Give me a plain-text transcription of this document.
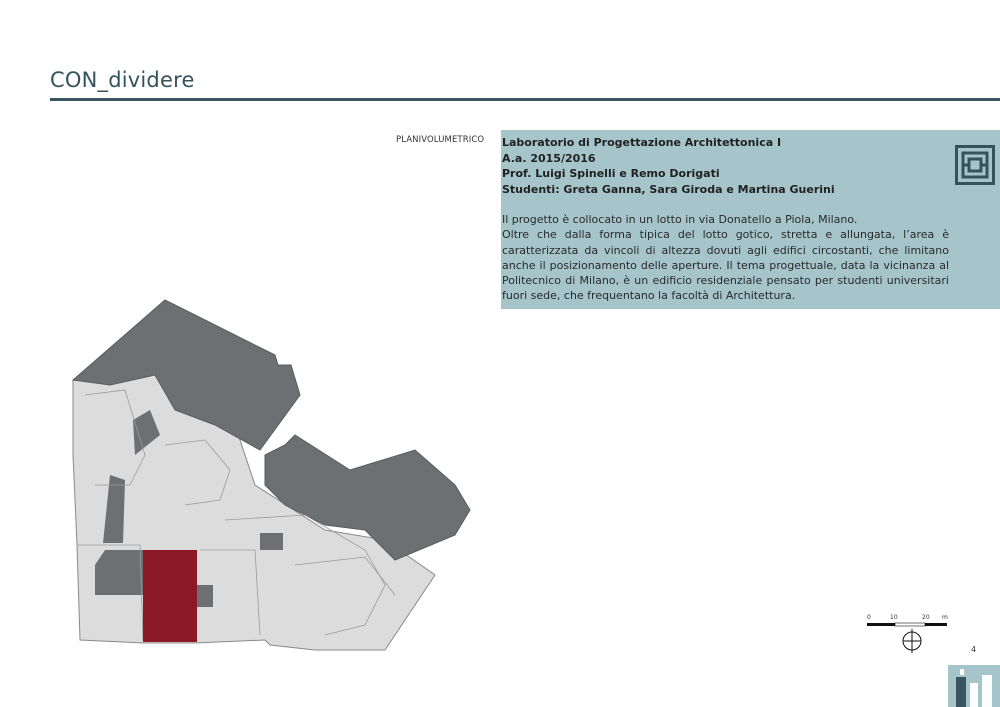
CON_dividere
PLANIVOLUMETRICO Laboratorio di Progettazione Architettonica I
A.a. 2015/2016
Prof. Luigi Spinelli e Remo Dorigati
Studenti: Greta Ganna, Sara Giroda e Martina Guerini
Il progetto è collocato in un lotto in via Donatello a Piola, Milano.
Oltre che dalla forma tipica del lotto gotico, stretta e allungata, l’area è caratterizzata da vincoli di altezza dovuti agli edifici circostanti, che limitano anche il posizionamento delle aperture. Il tema progettuale, data la vicinanza al Politecnico di Milano, è un edificio residenziale pensato per studenti universitari fuori sede, che frequentano la facoltà di Architettura.
0	10	20 m
4
